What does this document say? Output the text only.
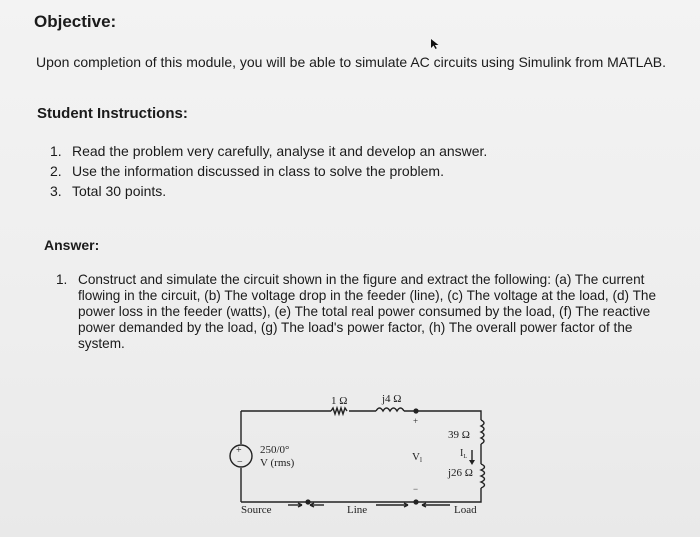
Objective:
Upon completion of this module, you will be able to simulate AC circuits using Simulink from MATLAB.
Student Instructions:
1. Read the problem very carefully, analyse it and develop an answer.
2. Use the information discussed in class to solve the problem.
3. Total 30 points.
Answer:
1. Construct and simulate the circuit shown in the figure and extract the following: (a) The current flowing in the circuit, (b) The voltage drop in the feeder (line), (c) The voltage at the load, (d) The power loss in the feeder (watts), (e) The total real power consumed by the load, (f) The reactive power demanded by the load, (g) The load's power factor, (h) The overall power factor of the system.
+
−
1 Ω	j4 Ω
250/0°
V (rms)
+
−
Vl
39 Ω
$I_L$
j26 Ω
Source	Line	Load
